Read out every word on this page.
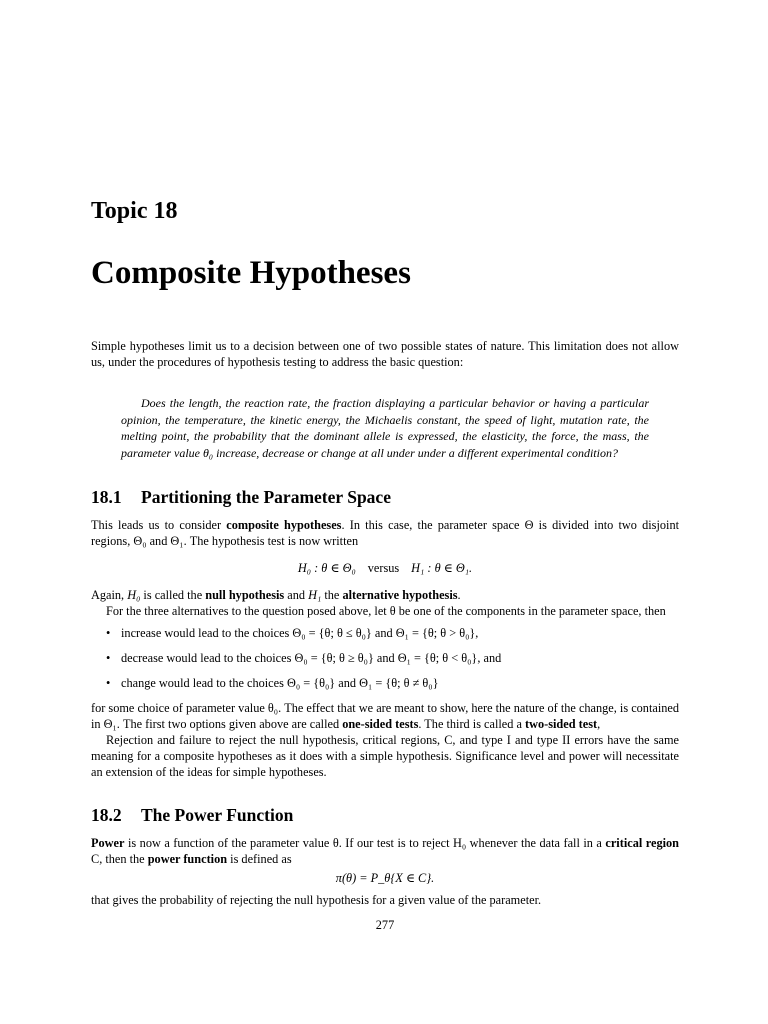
Topic 18
Composite Hypotheses

Simple hypotheses limit us to a decision between one of two possible states of nature. This limitation does not allow us, under the procedures of hypothesis testing to address the basic question:

Does the length, the reaction rate, the fraction displaying a particular behavior or having a particular opinion, the temperature, the kinetic energy, the Michaelis constant, the speed of light, mutation rate, the melting point, the probability that the dominant allele is expressed, the elasticity, the force, the mass, the parameter value θ₀ increase, decrease or change at all under under a different experimental condition?
18.1 Partitioning the Parameter Space

This leads us to consider composite hypotheses. In this case, the parameter space Θ is divided into two disjoint regions, Θ₀ and Θ₁. The hypothesis test is now written

H₀ : θ ∈ Θ₀ versus H₁ : θ ∈ Θ₁.

Again, H₀ is called the null hypothesis and H₁ the alternative hypothesis.

For the three alternatives to the question posed above, let θ be one of the components in the parameter space, then

• increase would lead to the choices Θ₀ = {θ; θ ≤ θ₀} and Θ₁ = {θ; θ > θ₀},
• decrease would lead to the choices Θ₀ = {θ; θ ≥ θ₀} and Θ₁ = {θ; θ < θ₀}, and
• change would lead to the choices Θ₀ = {θ₀} and Θ₁ = {θ; θ ≠ θ₀}

for some choice of parameter value θ₀. The effect that we are meant to show, here the nature of the change, is contained in Θ₁. The first two options given above are called one-sided tests. The third is called a two-sided test,

Rejection and failure to reject the null hypothesis, critical regions, C, and type I and type II errors have the same meaning for a composite hypotheses as it does with a simple hypothesis. Significance level and power will necessitate an extension of the ideas for simple hypotheses.

18.2 The Power Function

Power is now a function of the parameter value θ. If our test is to reject H₀ whenever the data fall in a critical region C, then the power function is defined as

π(θ) = P_θ{X ∈ C}.

that gives the probability of rejecting the null hypothesis for a given value of the parameter.

277
